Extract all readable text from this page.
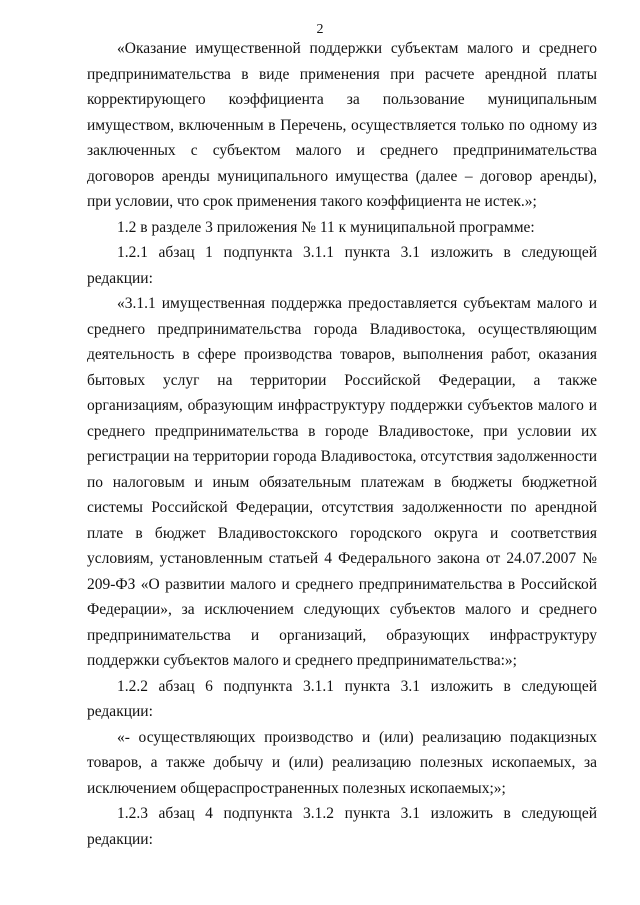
2

«Оказание имущественной поддержки субъектам малого и среднего предпринимательства в виде применения при расчете арендной платы корректирующего коэффициента за пользование муниципальным имуществом, включенным в Перечень, осуществляется только по одному из заключенных с субъектом малого и среднего предпринимательства договоров аренды муниципального имущества (далее – договор аренды), при условии, что срок применения такого коэффициента не истек.»;

1.2 в разделе 3 приложения № 11 к муниципальной программе:

1.2.1 абзац 1 подпункта 3.1.1 пункта 3.1 изложить в следующей редакции:

«3.1.1 имущественная поддержка предоставляется субъектам малого и среднего предпринимательства города Владивостока, осуществляющим деятельность в сфере производства товаров, выполнения работ, оказания бытовых услуг на территории Российской Федерации, а также организациям, образующим инфраструктуру поддержки субъектов малого и среднего предпринимательства в городе Владивостоке, при условии их регистрации на территории города Владивостока, отсутствия задолженности по налоговым и иным обязательным платежам в бюджеты бюджетной системы Российской Федерации, отсутствия задолженности по арендной плате в бюджет Владивостокского городского округа и соответствия условиям, установленным статьей 4 Федерального закона от 24.07.2007 № 209-ФЗ «О развитии малого и среднего предпринимательства в Российской Федерации», за исключением следующих субъектов малого и среднего предпринимательства и организаций, образующих инфраструктуру поддержки субъектов малого и среднего предпринимательства:»;

1.2.2 абзац 6 подпункта 3.1.1 пункта 3.1 изложить в следующей редакции:

«- осуществляющих производство и (или) реализацию подакцизных товаров, а также добычу и (или) реализацию полезных ископаемых, за исключением общераспространенных полезных ископаемых;»;

1.2.3 абзац 4 подпункта 3.1.2 пункта 3.1 изложить в следующей редакции:
